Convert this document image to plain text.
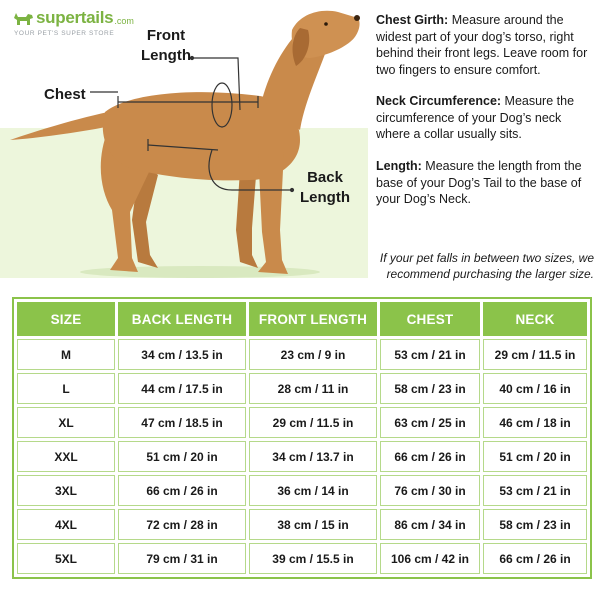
supertails .com
YOUR PET'S SUPER STORE	Front
Length
Chest
Back
Length
Chest Girth: Measure around the widest part of your dog’s torso, right behind their front legs. Leave room for two fingers to ensure comfort.
Neck Circumference: Measure the circumference of your Dog’s neck where a collar usually sits.
Length: Measure the length from the base of your Dog’s Tail to the base of your Dog’s Neck.
If your pet falls in between two sizes, we recommend purchasing the larger size.
SIZE	BACK LENGTH	FRONT LENGTH	CHEST	NECK
M	34 cm / 13.5 in	23 cm / 9 in	53 cm / 21 in	29 cm / 11.5 in
L	44 cm / 17.5 in	28 cm / 11 in	58 cm / 23 in	40 cm / 16 in
XL	47 cm / 18.5 in	29 cm / 11.5 in	63 cm / 25 in	46 cm / 18 in
XXL	51 cm / 20 in	34 cm / 13.7 in	66 cm / 26 in	51 cm / 20 in
3XL	66 cm / 26 in	36 cm / 14 in	76 cm / 30 in	53 cm / 21 in
4XL	72 cm / 28 in	38 cm / 15 in	86 cm / 34 in	58 cm / 23 in
5XL	79 cm / 31 in	39 cm / 15.5 in	106 cm / 42 in	66 cm / 26 in
